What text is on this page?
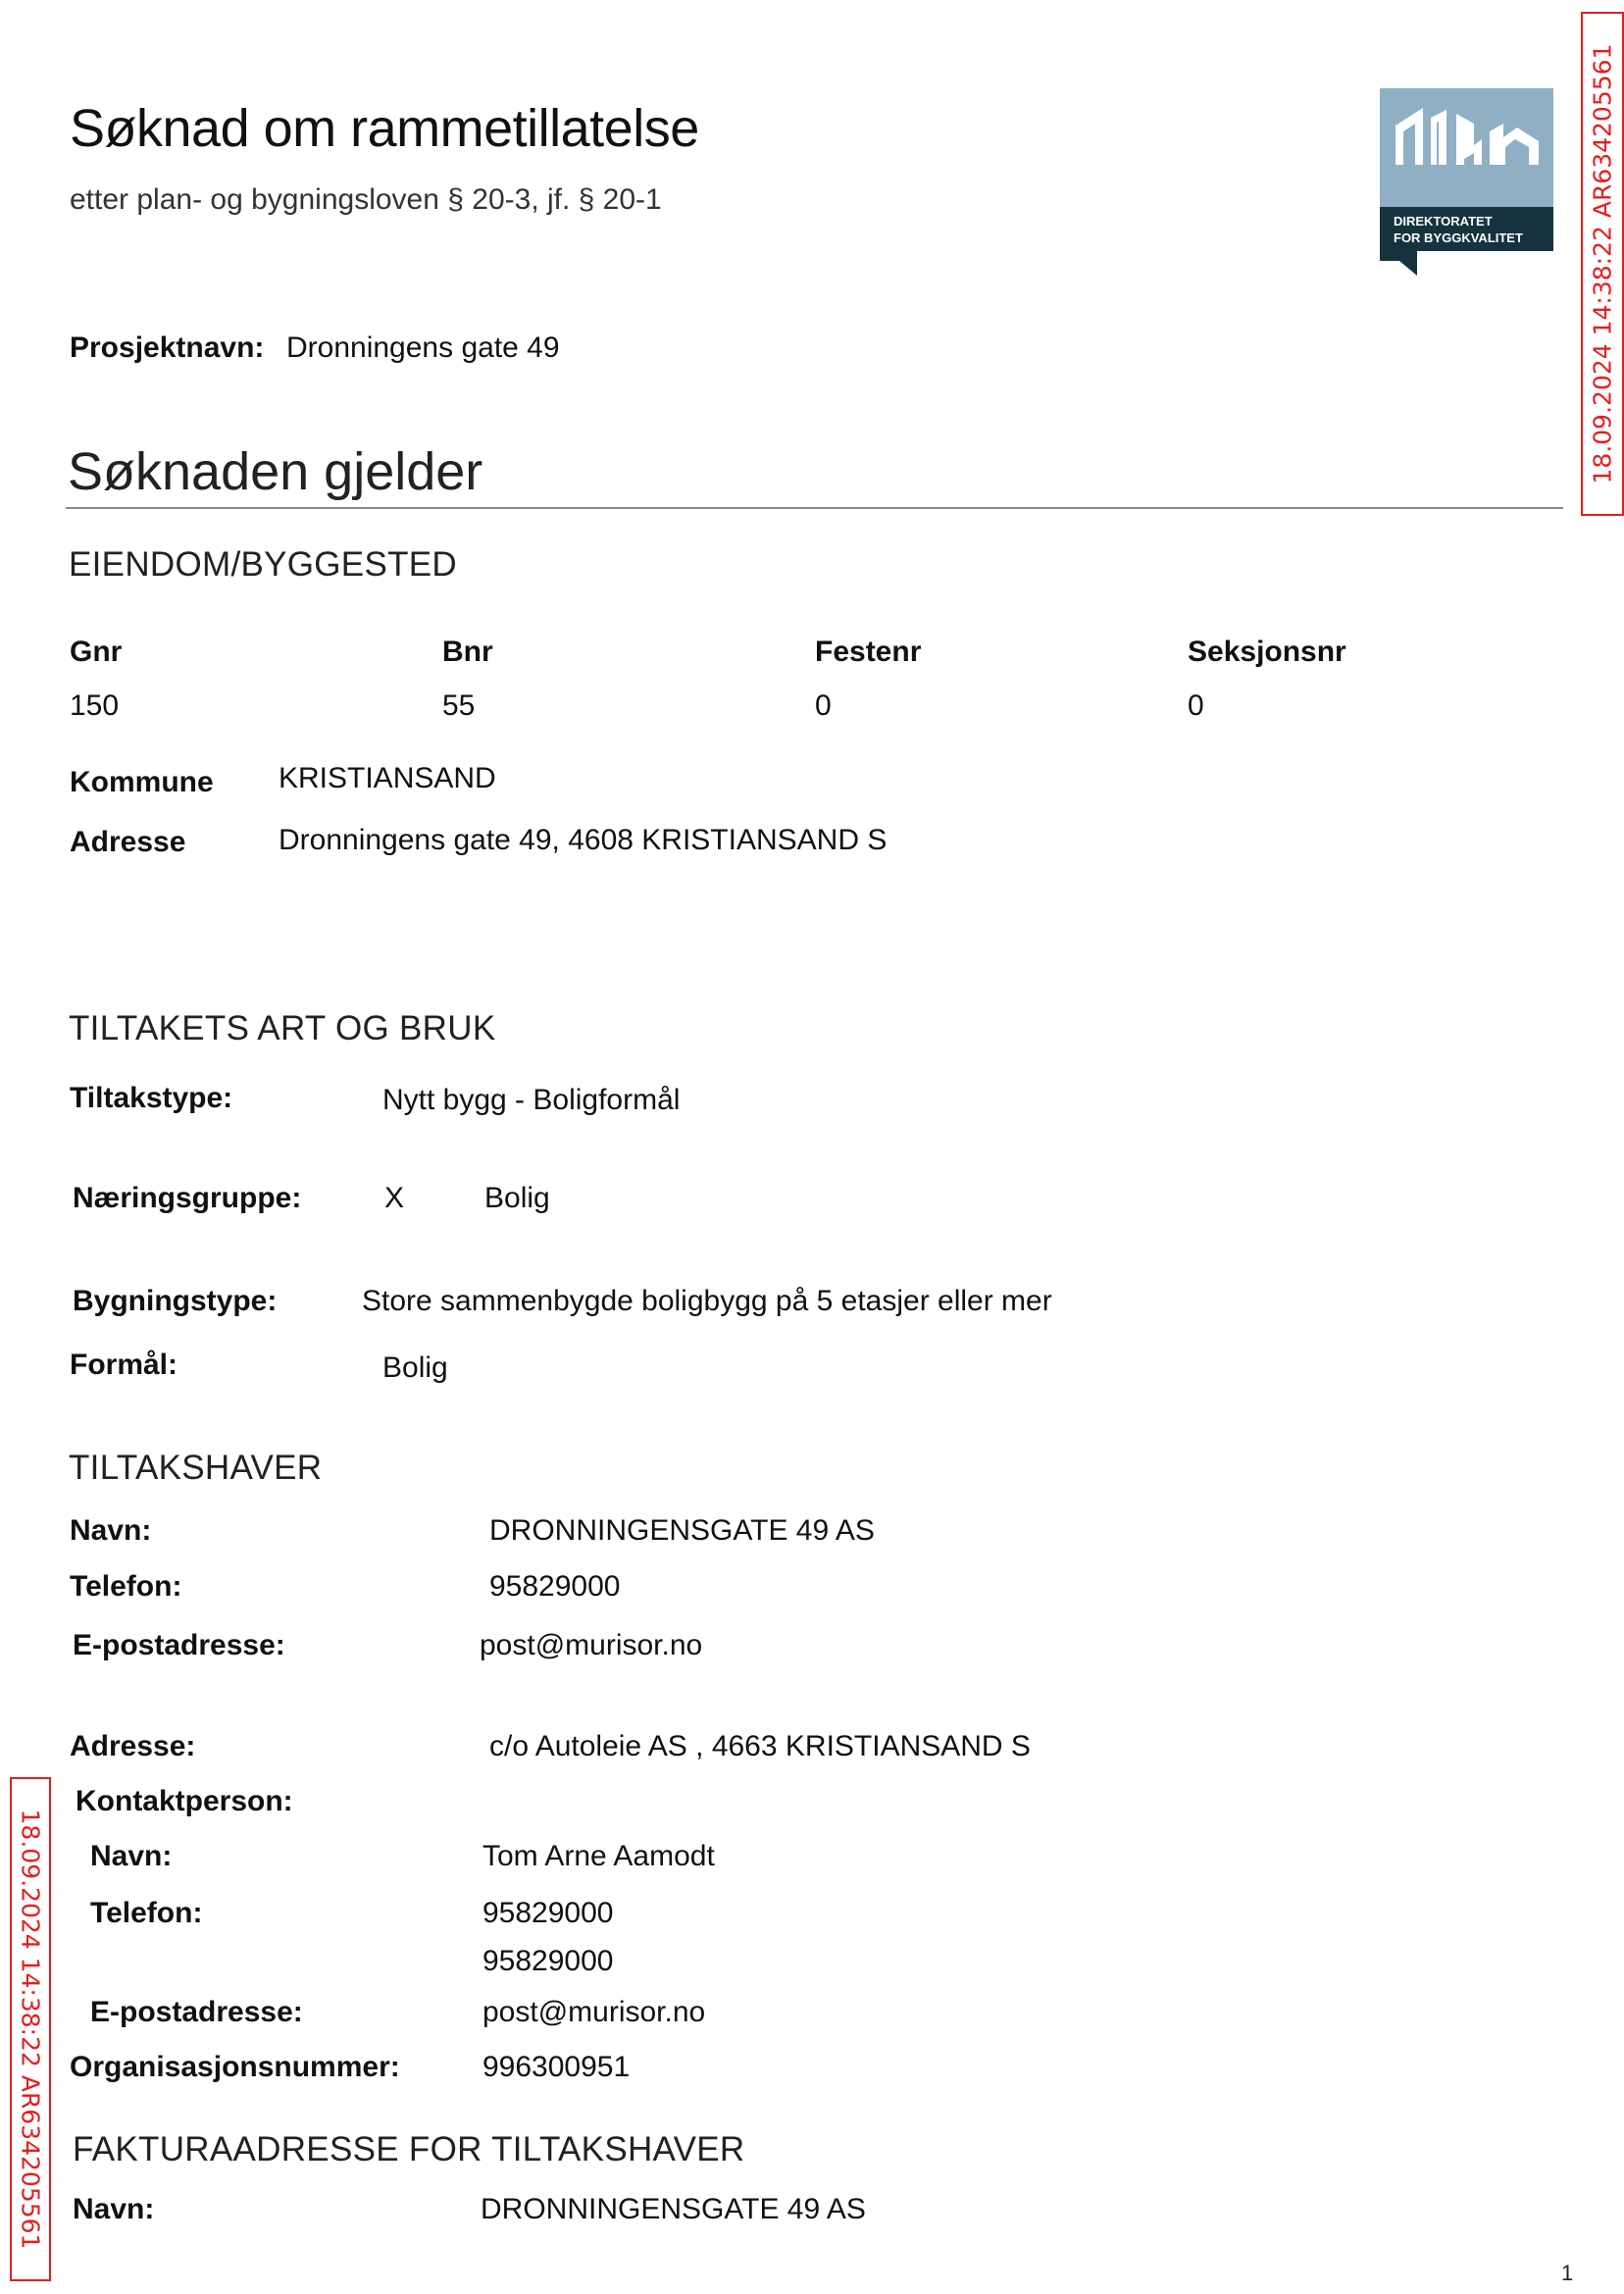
Søknad om rammetillatelse
etter plan- og bygningsloven § 20-3, jf. § 20-1
DIREKTORATET
FOR BYGGKVALITET	18.09.2024 14:38:22 AR634205561
Prosjektnavn: Dronningens gate 49
Søknaden gjelder
EIENDOM/BYGGESTED
Gnr	Bnr	Festenr	Seksjonsnr
150	55	0	0
Kommune KRISTIANSAND
Adresse	Dronningens gate 49, 4608 KRISTIANSAND S
TILTAKETS ART OG BRUK
Tiltakstype:	Nytt bygg - Boligformål
Næringsgruppe:	X	Bolig
Bygningstype:	Store sammenbygde boligbygg på 5 etasjer eller mer
Formål:	Bolig
TILTAKSHAVER
Navn:	DRONNINGENSGATE 49 AS
Telefon:	95829000
E-postadresse:	post@murisor.no
Adresse:	c/o Autoleie AS , 4663 KRISTIANSAND S
Kontaktperson:
Navn:	Tom Arne Aamodt
Telefon:	95829000
95829000
E-postadresse:	post@murisor.no
Organisasjonsnummer:	996300951
FAKTURAADRESSE FOR TILTAKSHAVER
Navn:	DRONNINGENSGATE 49 AS
18.09.2024 14:38:22 AR634205561
1
